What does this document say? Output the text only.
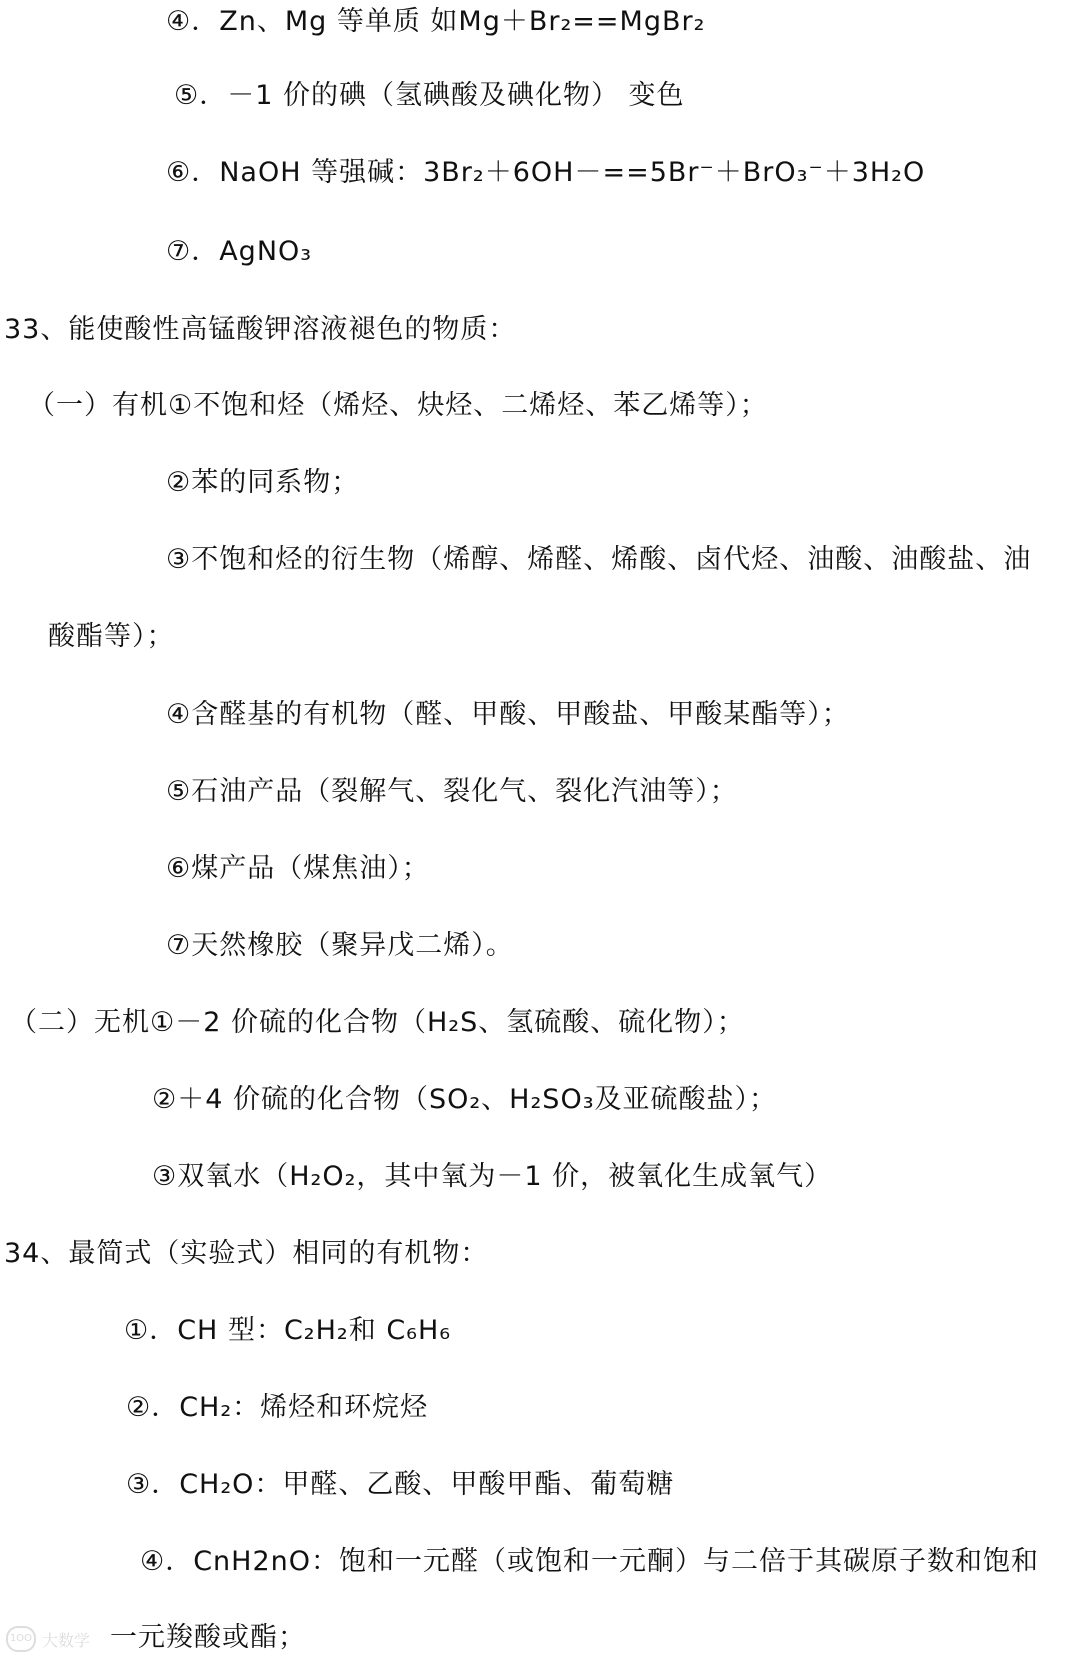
④．Zn、Mg 等单质 如Mg＋Br₂==MgBr₂
⑤．－1 价的碘（氢碘酸及碘化物） 变色
⑥．NaOH 等强碱：3Br₂＋6OH－==5Br⁻＋BrO₃⁻＋3H₂O
⑦．AgNO₃
33、能使酸性高锰酸钾溶液褪色的物质：
（一）有机①不饱和烃（烯烃、炔烃、二烯烃、苯乙烯等）；
②苯的同系物；
③不饱和烃的衍生物（烯醇、烯醛、烯酸、卤代烃、油酸、油酸盐、油
酸酯等）；
④含醛基的有机物（醛、甲酸、甲酸盐、甲酸某酯等）；
⑤石油产品（裂解气、裂化气、裂化汽油等）；
⑥煤产品（煤焦油）；
⑦天然橡胶（聚异戊二烯）。
（二）无机①－2 价硫的化合物（H₂S、氢硫酸、硫化物）；
②＋4 价硫的化合物（SO₂、H₂SO₃及亚硫酸盐）；
③双氧水（H₂O₂，其中氧为－1 价，被氧化生成氧气）
34、最简式（实验式）相同的有机物：
①．CH 型：C₂H₂和 C₆H₆
②．CH₂：烯烃和环烷烃
③．CH₂O：甲醛、乙酸、甲酸甲酯、葡萄糖
④．CnH2nO：饱和一元醛（或饱和一元酮）与二倍于其碳原子数和饱和
一元羧酸或酯；
1OO 大数学
